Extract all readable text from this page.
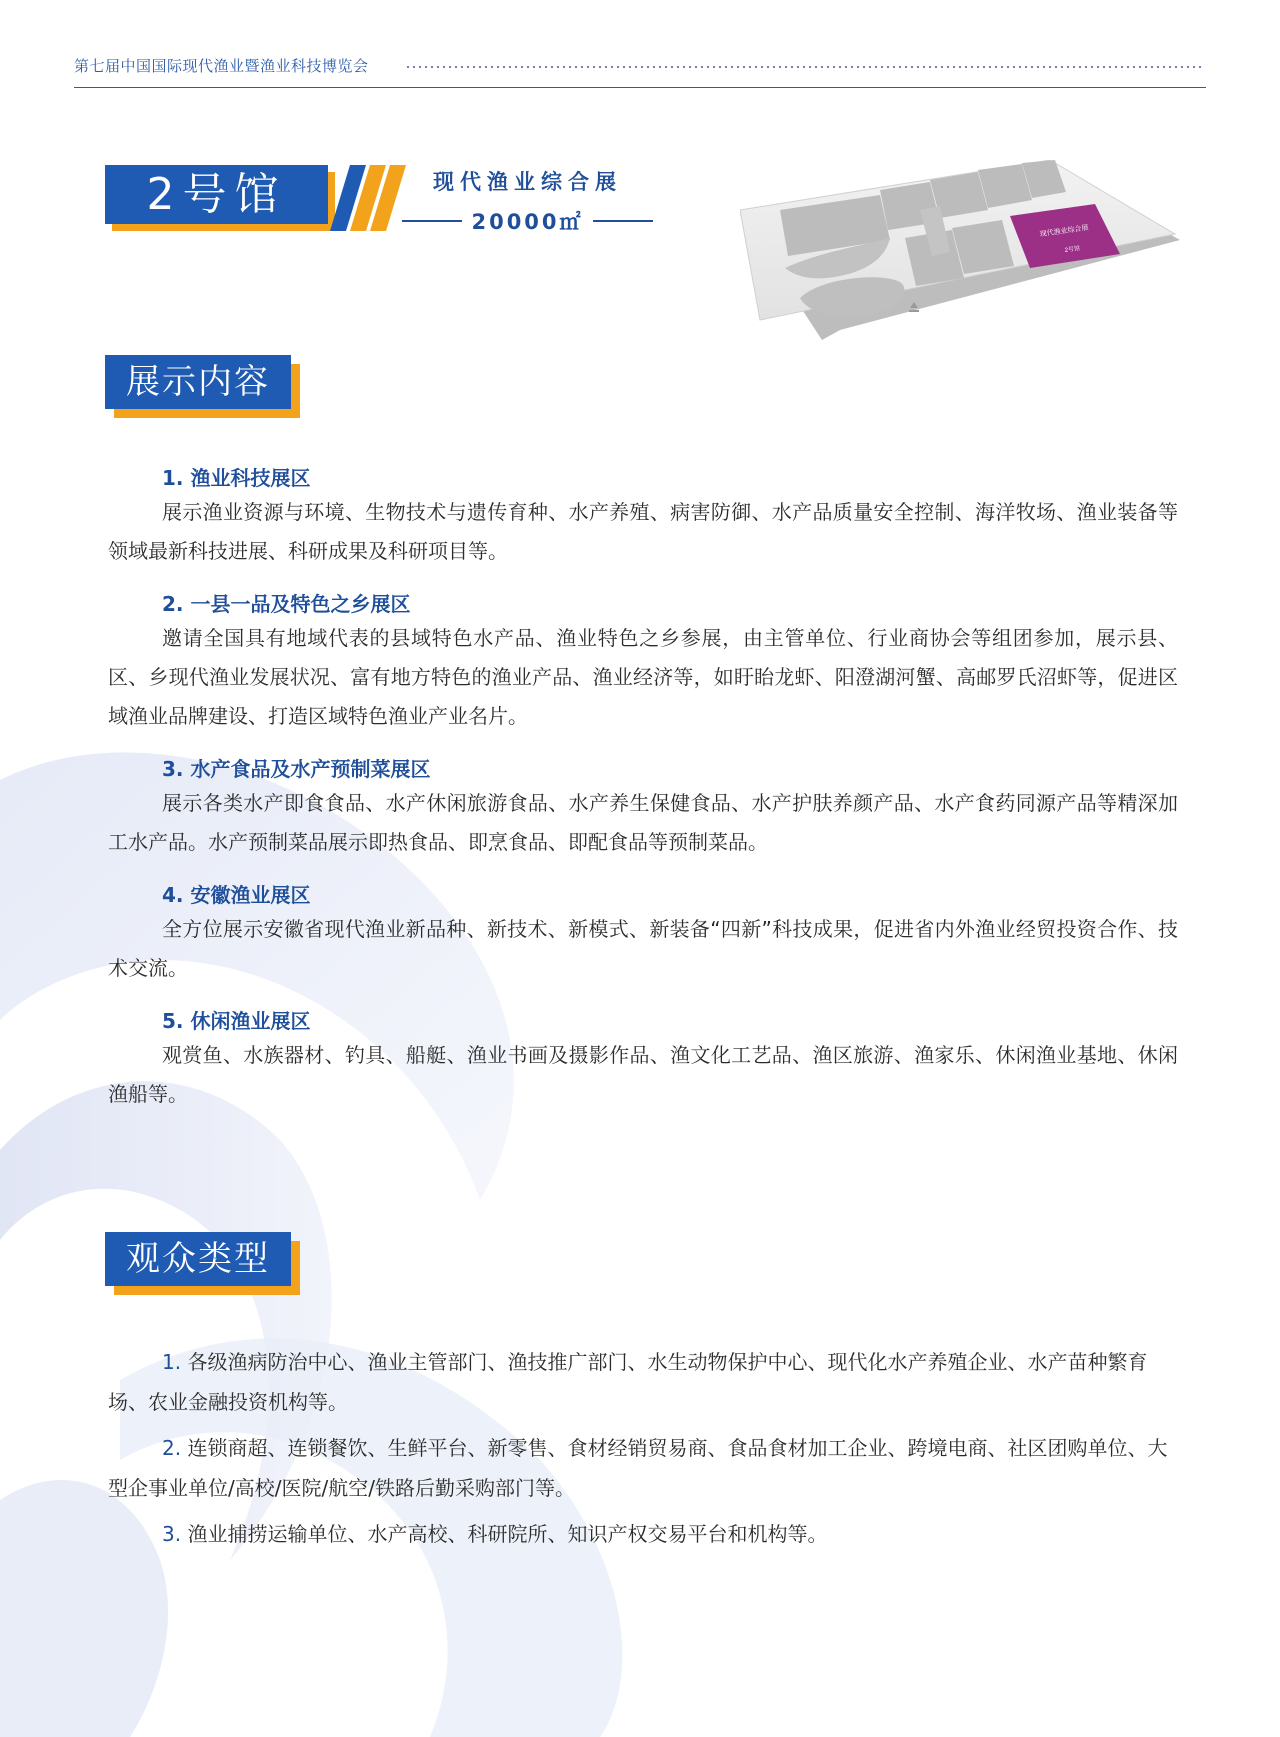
第七届中国国际现代渔业暨渔业科技博览会
2号馆	现代渔业综合展
20000㎡	现代渔业综合展
2号馆
展示内容

1. 渔业科技展区

展示渔业资源与环境、生物技术与遗传育种、水产养殖、病害防御、水产品质量安全控制、海洋牧场、渔业装备等领域最新科技进展、科研成果及科研项目等。

2. 一县一品及特色之乡展区

邀请全国具有地域代表的县域特色水产品、渔业特色之乡参展，由主管单位、行业商协会等组团参加，展示县、区、乡现代渔业发展状况、富有地方特色的渔业产品、渔业经济等，如盱眙龙虾、阳澄湖河蟹、高邮罗氏沼虾等，促进区域渔业品牌建设、打造区域特色渔业产业名片。

3. 水产食品及水产预制菜展区

展示各类水产即食食品、水产休闲旅游食品、水产养生保健食品、水产护肤养颜产品、水产食药同源产品等精深加工水产品。水产预制菜品展示即热食品、即烹食品、即配食品等预制菜品。

4. 安徽渔业展区

全方位展示安徽省现代渔业新品种、新技术、新模式、新装备“四新”科技成果，促进省内外渔业经贸投资合作、技术交流。

5. 休闲渔业展区

观赏鱼、水族器材、钓具、船艇、渔业书画及摄影作品、渔文化工艺品、渔区旅游、渔家乐、休闲渔业基地、休闲渔船等。

观众类型

1. 各级渔病防治中心、渔业主管部门、渔技推广部门、水生动物保护中心、现代化水产养殖企业、水产苗种繁育场、农业金融投资机构等。

2. 连锁商超、连锁餐饮、生鲜平台、新零售、食材经销贸易商、食品食材加工企业、跨境电商、社区团购单位、大型企事业单位/高校/医院/航空/铁路后勤采购部门等。

3. 渔业捕捞运输单位、水产高校、科研院所、知识产权交易平台和机构等。
